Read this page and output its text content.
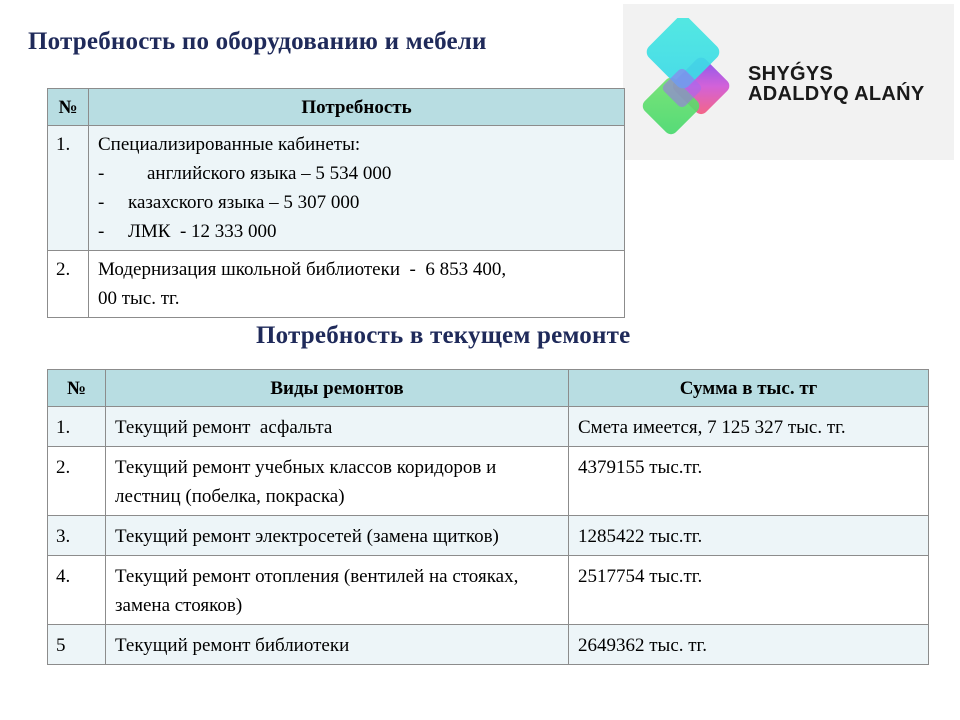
Потребность по оборудованию и мебели
SHYǴYS
ADALDYQ ALAŃY
№	Потребность
1.	Специализированные кабинеты:
-    английского языка – 5 534 000
- казахского языка – 5 307 000
- ЛМК  - 12 333 000

2.	Модернизация школьной библиотеки  -  6 853 400,
00 тыс. тг.
Потребность в текущем ремонте
№	Виды ремонтов	Сумма в тыс. тг
1.	Текущий ремонт  асфальта	Смета имеется, 7 125 327 тыс. тг.
2.	Текущий ремонт учебных классов коридоров и лестниц (побелка, покраска)	4379155 тыс.тг.
3.	Текущий ремонт электросетей (замена щитков)	1285422 тыс.тг.
4.	Текущий ремонт отопления (вентилей на стояках, замена стояков)	2517754 тыс.тг.
5	Текущий ремонт библиотеки	2649362 тыс. тг.
